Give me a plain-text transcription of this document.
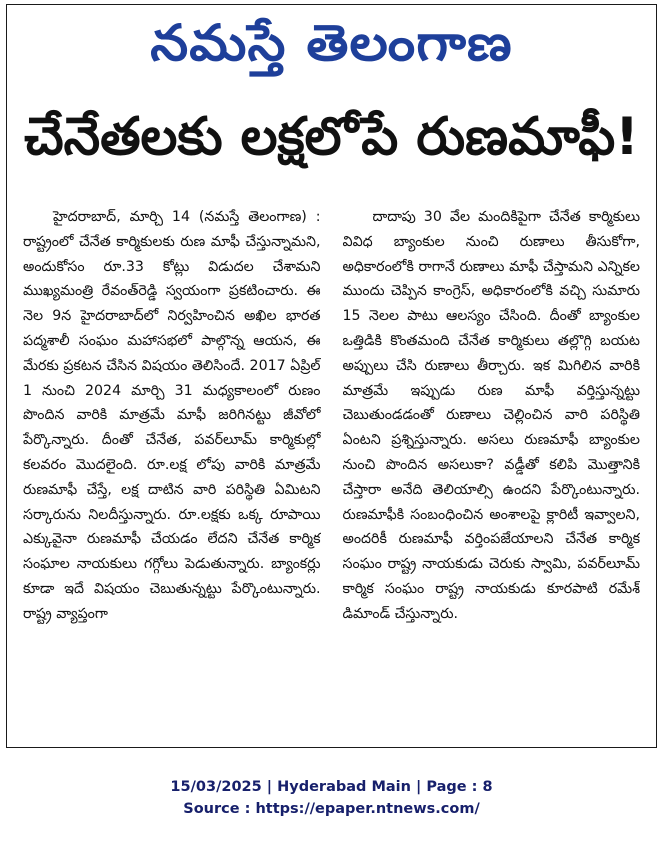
నమస్తే తెలంగాణ
చేనేతలకు లక్షలోపే రుణమాఫీ!

హైదరాబాద్, మార్చి 14 (నమస్తే తెలంగాణ) : రాష్ట్రంలో చేనేత కార్మికులకు రుణ మాఫీ చేస్తున్నామని, అందుకోసం రూ.33 కోట్లు విడుదల చేశామని ముఖ్యమంత్రి రేవంత్‌రెడ్డి స్వయంగా ప్రకటించారు. ఈ నెల 9న హైదరాబాద్‌లో నిర్వహించిన అఖిల భారత పద్మశాలీ సంఘం మహాసభలో పాల్గొన్న ఆయన, ఈ మేరకు ప్రకటన చేసిన విషయం తెలిసిందే. 2017 ఏప్రిల్ 1 నుంచి 2024 మార్చి 31 మధ్యకాలంలో రుణం పొందిన వారికి మాత్రమే మాఫీ జరిగినట్టు జీవోలో పేర్కొన్నారు. దీంతో చేనేత, పవర్‌లూమ్ కార్మికుల్లో కలవరం మొదలైంది. రూ.లక్ష లోపు వారికి మాత్రమే రుణమాఫీ చేస్తే, లక్ష దాటిన వారి పరిస్థితి ఏమిటని సర్కారును నిలదీస్తున్నారు. రూ.లక్షకు ఒక్క రూపాయి ఎక్కువైనా రుణమాఫీ చేయడం లేదని చేనేత కార్మిక సంఘాల నాయకులు గగ్గోలు పెడుతున్నారు. బ్యాంకర్లు కూడా ఇదే విషయం చెబుతున్నట్టు పేర్కొంటున్నారు. రాష్ట్ర వ్యాప్తంగా

దాదాపు 30 వేల మందికిపైగా చేనేత కార్మికులు వివిధ బ్యాంకుల నుంచి రుణాలు తీసుకోగా, అధికారంలోకి రాగానే రుణాలు మాఫీ చేస్తామని ఎన్నికల ముందు చెప్పిన కాంగ్రెస్, అధికారంలోకి వచ్చి సుమారు 15 నెలల పాటు ఆలస్యం చేసింది. దీంతో బ్యాంకుల ఒత్తిడికి కొంతమంది చేనేత కార్మికులు తల్లొగ్గి బయట అప్పులు చేసి రుణాలు తీర్చారు. ఇక మిగిలిన వారికి మాత్రమే ఇప్పుడు రుణ మాఫీ వర్తిస్తున్నట్టు చెబుతుండడంతో రుణాలు చెల్లించిన వారి పరిస్థితి ఏంటని ప్రశ్నిస్తున్నారు. అసలు రుణమాఫీ బ్యాంకుల నుంచి పొందిన అసలుకా? వడ్డీతో కలిపి మొత్తానికి చేస్తారా అనేది తెలియాల్సి ఉందని పేర్కొంటున్నారు. రుణమాఫీకి సంబంధించిన అంశాలపై క్లారిటీ ఇవ్వాలని, అందరికీ రుణమాఫీ వర్తింపజేయాలని చేనేత కార్మిక సంఘం రాష్ట్ర నాయకుడు చెరుకు స్వామి, పవర్‌లూమ్ కార్మిక సంఘం రాష్ట్ర నాయకుడు కూరపాటి రమేశ్ డిమాండ్ చేస్తున్నారు.

15/03/2025 | Hyderabad Main | Page : 8
Source : https://epaper.ntnews.com/
